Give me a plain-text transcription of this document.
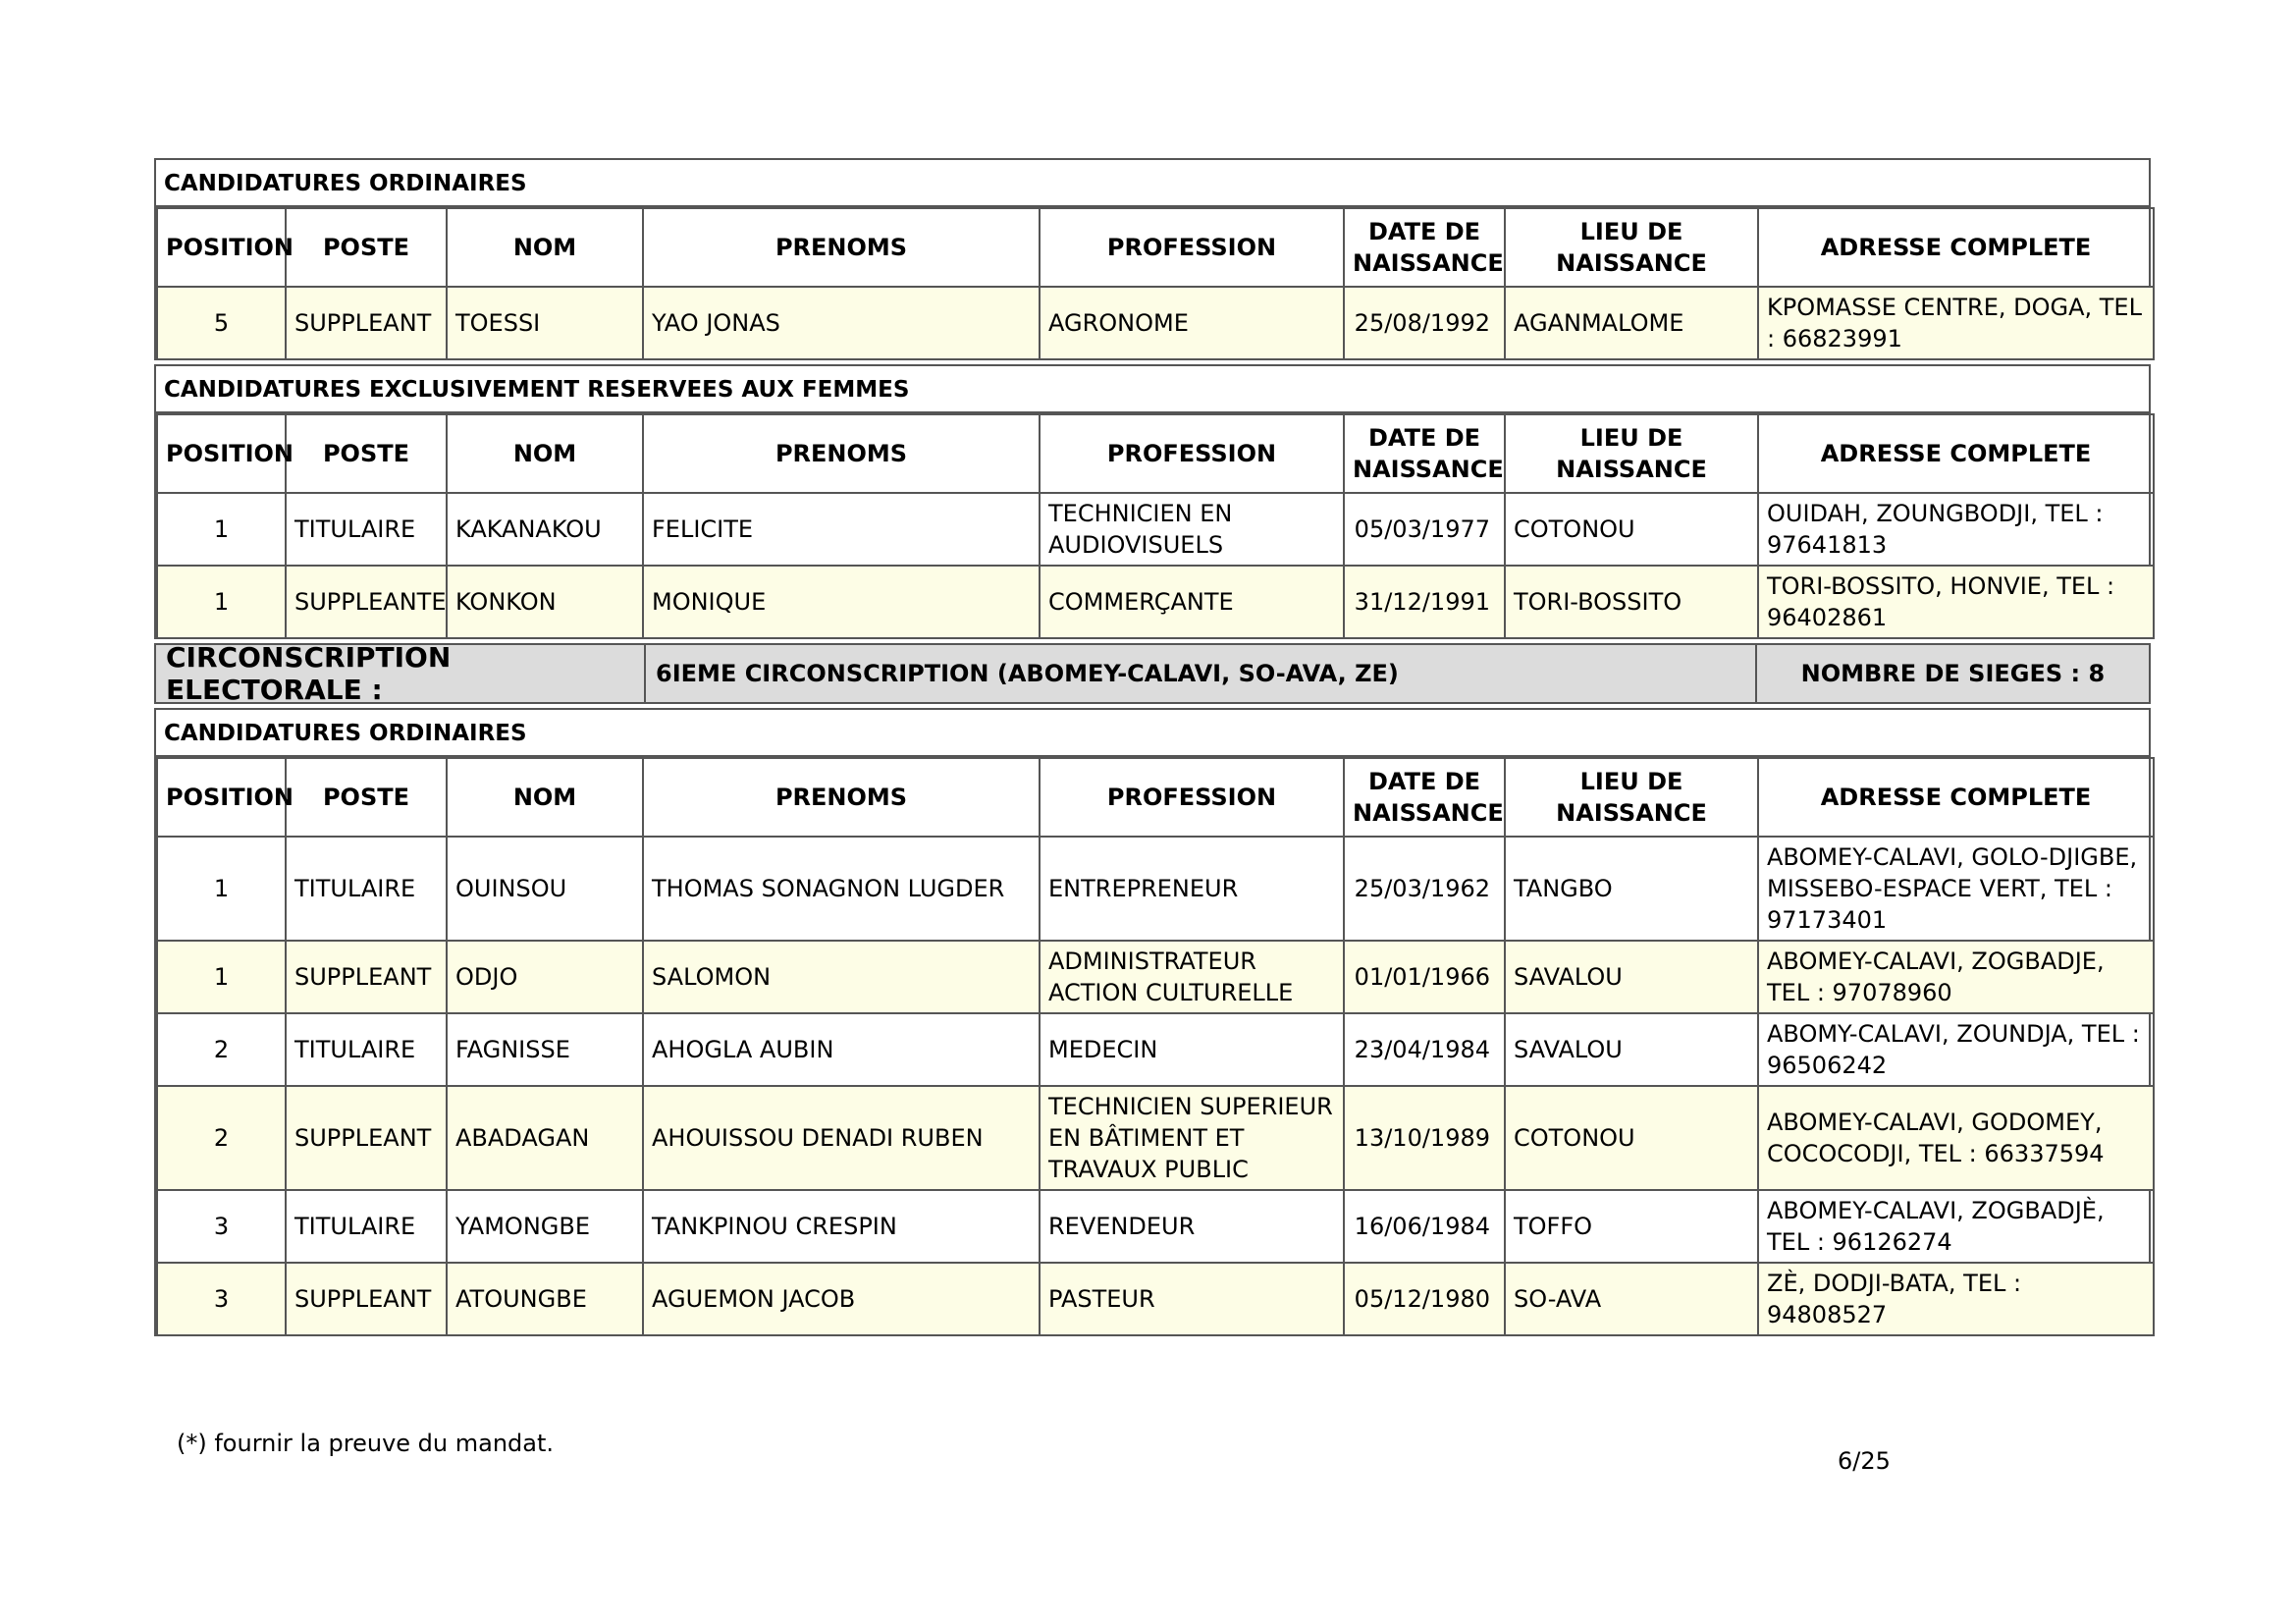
CANDIDATURES ORDINAIRES
POSITION	POSTE	NOM	PRENOMS	PROFESSION	DATE DE NAISSANCE	LIEU DE NAISSANCE	ADRESSE COMPLETE
5	SUPPLEANT	TOESSI	YAO JONAS	AGRONOME	25/08/1992	AGANMALOME	KPOMASSE CENTRE, DOGA, TEL : 66823991
CANDIDATURES EXCLUSIVEMENT RESERVEES AUX FEMMES
POSITION	POSTE	NOM	PRENOMS	PROFESSION	DATE DE NAISSANCE	LIEU DE NAISSANCE	ADRESSE COMPLETE
1	TITULAIRE	KAKANAKOU	FELICITE	TECHNICIEN EN AUDIOVISUELS	05/03/1977	COTONOU	OUIDAH, ZOUNGBODJI, TEL : 97641813
1	SUPPLEANTE	KONKON	MONIQUE	COMMERÇANTE	31/12/1991	TORI-BOSSITO	TORI-BOSSITO, HONVIE, TEL : 96402861
CIRCONSCRIPTION ELECTORALE :	6IEME CIRCONSCRIPTION (ABOMEY-CALAVI, SO-AVA, ZE)	NOMBRE DE SIEGES : 8
CANDIDATURES ORDINAIRES
POSITION	POSTE	NOM	PRENOMS	PROFESSION	DATE DE NAISSANCE	LIEU DE NAISSANCE	ADRESSE COMPLETE
1	TITULAIRE	OUINSOU	THOMAS SONAGNON LUGDER	ENTREPRENEUR	25/03/1962	TANGBO	ABOMEY-CALAVI, GOLO-DJIGBE, MISSEBO-ESPACE VERT, TEL : 97173401
1	SUPPLEANT	ODJO	SALOMON	ADMINISTRATEUR ACTION CULTURELLE	01/01/1966	SAVALOU	ABOMEY-CALAVI, ZOGBADJE, TEL : 97078960
2	TITULAIRE	FAGNISSE	AHOGLA AUBIN	MEDECIN	23/04/1984	SAVALOU	ABOMY-CALAVI, ZOUNDJA, TEL : 96506242
2	SUPPLEANT	ABADAGAN	AHOUISSOU DENADI RUBEN	TECHNICIEN SUPERIEUR EN BÂTIMENT ET TRAVAUX PUBLIC	13/10/1989	COTONOU	ABOMEY-CALAVI, GODOMEY, COCOCODJI, TEL : 66337594
3	TITULAIRE	YAMONGBE	TANKPINOU CRESPIN	REVENDEUR	16/06/1984	TOFFO	ABOMEY-CALAVI, ZOGBADJÈ, TEL : 96126274
3	SUPPLEANT	ATOUNGBE	AGUEMON JACOB	PASTEUR	05/12/1980	SO-AVA	ZÈ, DODJI-BATA, TEL : 94808527
(*) fournir la preuve du mandat.
6/25
